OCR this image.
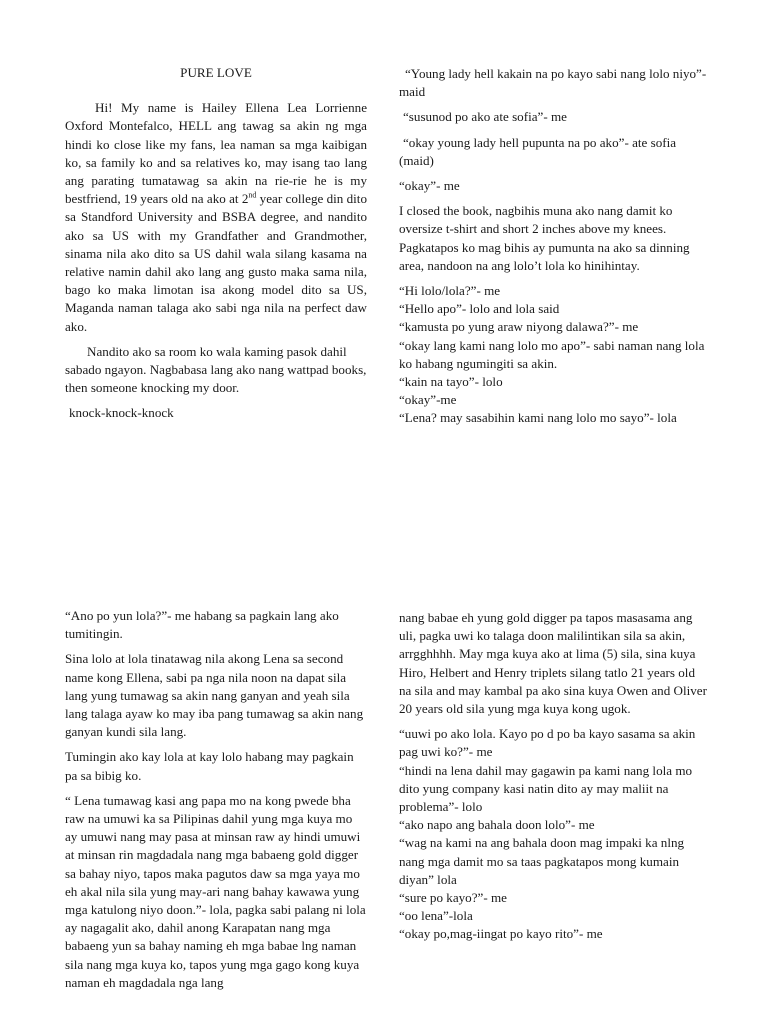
PURE LOVE

Hi! My name is Hailey Ellena Lea Lorrienne Oxford Montefalco, HELL ang tawag sa akin ng mga hindi ko close like my fans, lea naman sa mga kaibigan ko, sa family ko and sa relatives ko, may isang tao lang ang parating tumatawag sa akin na rie-rie he is my bestfriend, 19 years old na ako at 2nd year college din dito sa Standford University and BSBA degree, and nandito ako sa US with my Grandfather and Grandmother, sinama nila ako dito sa US dahil wala silang kasama na relative namin dahil ako lang ang gusto maka sama nila, bago ko maka limotan isa akong model dito sa US, Maganda naman talaga ako sabi nga nila na perfect daw ako.

Nandito ako sa room ko wala kaming pasok dahil sabado ngayon. Nagbabasa lang ako nang wattpad books, then someone knocking my door.

knock-knock-knock

“Young lady hell kakain na po kayo sabi nang lolo niyo”- maid

“susunod po ako ate sofia”- me

“okay young lady hell pupunta na po ako”- ate sofia (maid)

“okay”- me

I closed the book, nagbihis muna ako nang damit ko oversize t-shirt and short 2 inches above my knees. Pagkatapos ko mag bihis ay pumunta na ako sa dinning area, nandoon na ang lolo’t lola ko hinihintay.

“Hi lolo/lola?”- me

“Hello apo”- lolo and lola said

“kamusta po yung araw niyong dalawa?”- me

“okay lang kami nang lolo mo apo”- sabi naman nang lola ko habang ngumingiti sa akin.

“kain na tayo”- lolo

“okay”-me

“Lena? may sasabihin kami nang lolo mo sayo”- lola

“Ano po yun lola?”- me habang sa pagkain lang ako tumitingin.

Sina lolo at lola tinatawag nila akong Lena sa second name kong Ellena, sabi pa nga nila noon na dapat sila lang yung tumawag sa akin nang ganyan and yeah sila lang talaga ayaw ko may iba pang tumawag sa akin nang ganyan kundi sila lang.

Tumingin ako kay lola at kay lolo habang may pagkain pa sa bibig ko.

“ Lena tumawag kasi ang papa mo na kong pwede bha raw na umuwi ka sa Pilipinas dahil yung mga kuya mo ay umuwi nang may pasa at minsan raw ay hindi umuwi at minsan rin magdadala nang mga babaeng gold digger sa bahay niyo, tapos maka pagutos daw sa mga yaya mo eh akal nila sila yung may-ari nang bahay kawawa yung mga katulong niyo doon.”- lola, pagka sabi palang ni lola ay nagagalit ako, dahil anong Karapatan nang mga babaeng yun sa bahay naming eh mga babae lng naman sila nang mga kuya ko, tapos yung mga gago kong kuya naman eh magdadala nga lang

nang babae eh yung gold digger pa tapos masasama ang uli, pagka uwi ko talaga doon malilintikan sila sa akin, arrgghhhh. May mga kuya ako at lima (5) sila, sina kuya Hiro, Helbert and Henry triplets silang tatlo 21 years old na sila and may kambal pa ako sina kuya Owen and Oliver 20 years old sila yung mga kuya kong ugok.

“uuwi po ako lola. Kayo po d po ba kayo sasama sa akin pag uwi ko?”- me

“hindi na lena dahil may gagawin pa kami nang lola mo dito yung company kasi natin dito ay may maliit na problema”- lolo

“ako napo ang bahala doon lolo”- me

“wag na kami na ang bahala doon mag impaki ka nlng nang mga damit mo sa taas pagkatapos mong kumain diyan” lola

“sure po kayo?”- me

“oo lena”-lola

“okay po,mag-iingat po kayo rito”- me
